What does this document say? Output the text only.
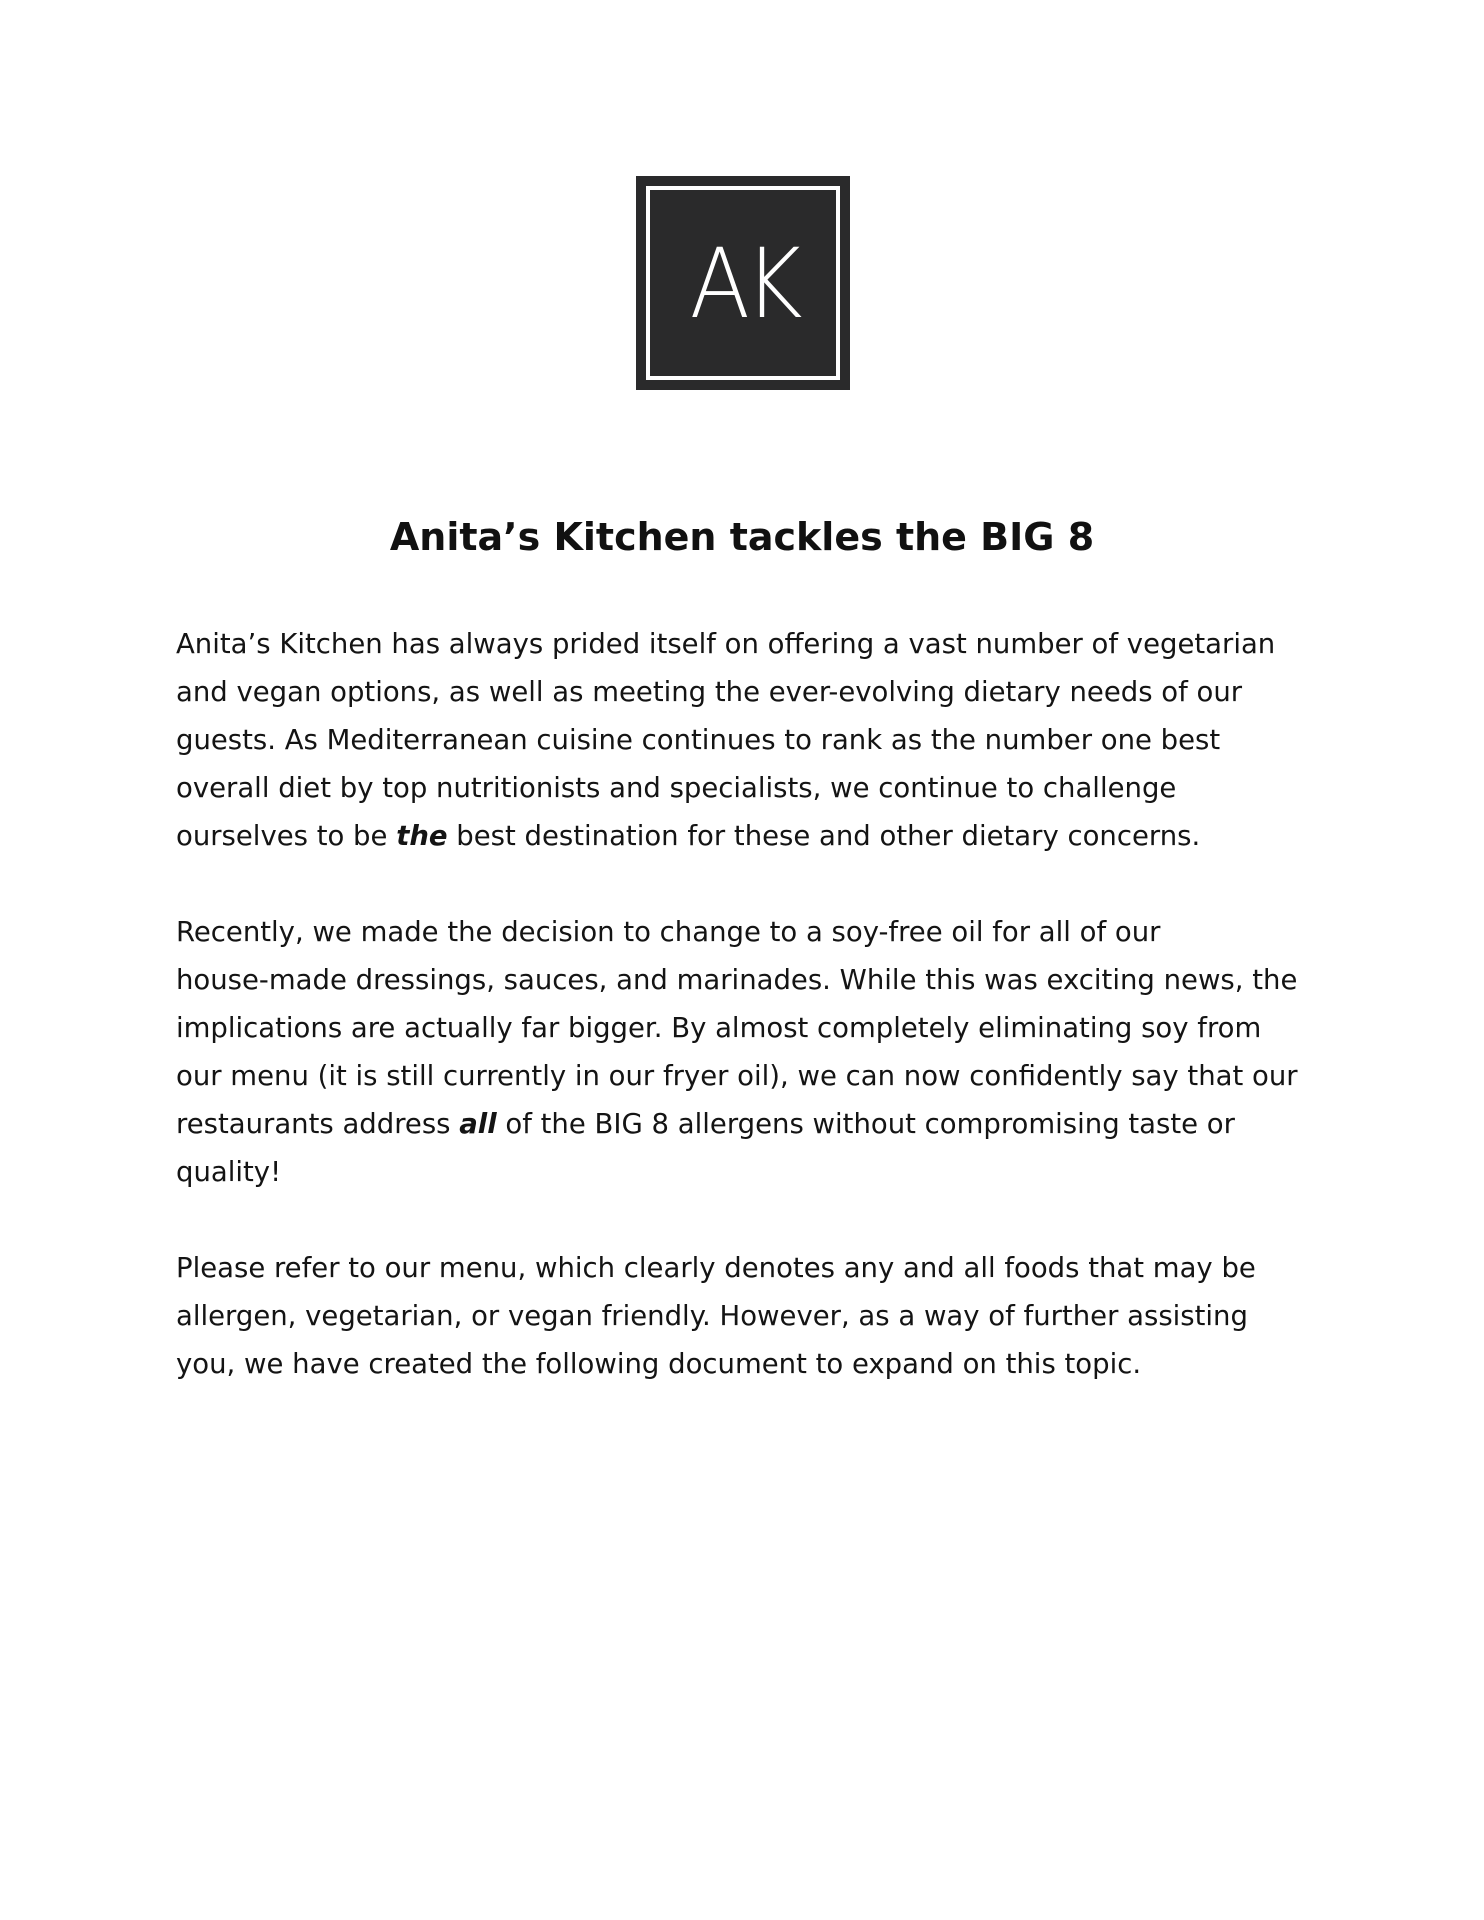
AK
Anita’s Kitchen tackles the BIG 8

Anita’s Kitchen has always prided itself on offering a vast number of vegetarian
and vegan options, as well as meeting the ever-evolving dietary needs of our
guests. As Mediterranean cuisine continues to rank as the number one best
overall diet by top nutritionists and specialists, we continue to challenge
ourselves to be the best destination for these and other dietary concerns.

Recently, we made the decision to change to a soy-free oil for all of our
house-made dressings, sauces, and marinades. While this was exciting news, the
implications are actually far bigger. By almost completely eliminating soy from
our menu (it is still currently in our fryer oil), we can now confidently say that our
restaurants address all of the BIG 8 allergens without compromising taste or
quality!

Please refer to our menu, which clearly denotes any and all foods that may be
allergen, vegetarian, or vegan friendly. However, as a way of further assisting
you, we have created the following document to expand on this topic.
